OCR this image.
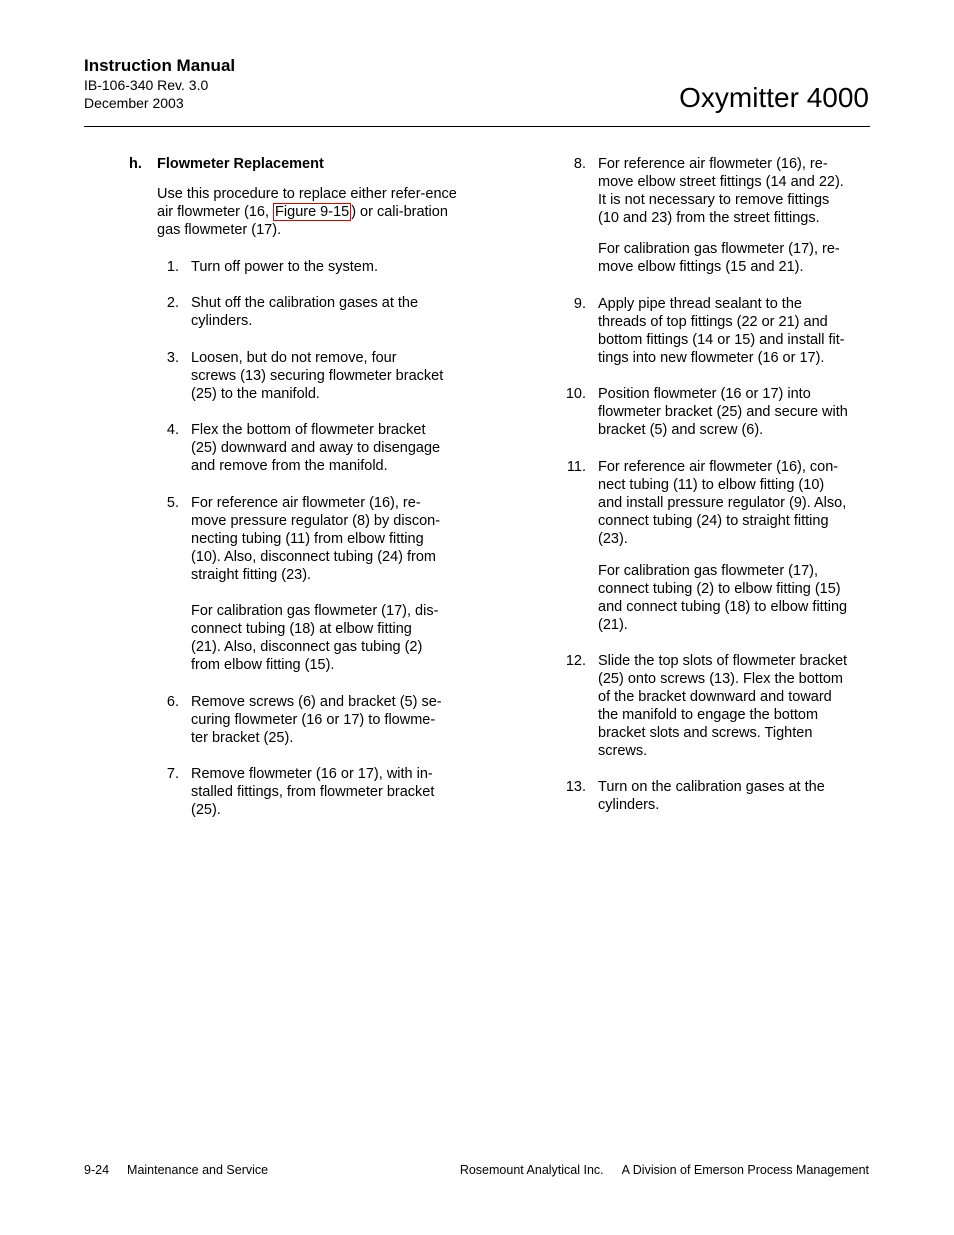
Instruction Manual
IB-106-340 Rev. 3.0
December 2003	Oxymitter 4000
h. Flowmeter Replacement
Use this procedure to replace either refer-ence air flowmeter (16, Figure 9-15 ) or cali-bration gas flowmeter (17).
1. Turn off power to the system.
2. Shut off the calibration gases at the
cylinders.
3. Loosen, but do not remove, four
screws (13) securing flowmeter bracket
(25) to the manifold.
4. Flex the bottom of flowmeter bracket
(25) downward and away to disengage
and remove from the manifold.
5. For reference air flowmeter (16), re-
move pressure regulator (8) by discon-
necting tubing (11) from elbow fitting
(10). Also, disconnect tubing (24) from
straight fitting (23).
For calibration gas flowmeter (17), dis-
connect tubing (18) at elbow fitting
(21). Also, disconnect gas tubing (2)
from elbow fitting (15).
6. Remove screws (6) and bracket (5) se-
curing flowmeter (16 or 17) to flowme-
ter bracket (25).
7. Remove flowmeter (16 or 17), with in-
stalled fittings, from flowmeter bracket
(25).
8. For reference air flowmeter (16), re-
move elbow street fittings (14 and 22).
It is not necessary to remove fittings
(10 and 23) from the street fittings.
For calibration gas flowmeter (17), re-
move elbow fittings (15 and 21).
9. Apply pipe thread sealant to the
threads of top fittings (22 or 21) and
bottom fittings (14 or 15) and install fit-
tings into new flowmeter (16 or 17).
10. Position flowmeter (16 or 17) into
flowmeter bracket (25) and secure with
bracket (5) and screw (6).
11. For reference air flowmeter (16), con-
nect tubing (11) to elbow fitting (10)
and install pressure regulator (9). Also,
connect tubing (24) to straight fitting
(23).
For calibration gas flowmeter (17),
connect tubing (2) to elbow fitting (15)
and connect tubing (18) to elbow fitting
(21).
12. Slide the top slots of flowmeter bracket
(25) onto screws (13). Flex the bottom
of the bracket downward and toward
the manifold to engage the bottom
bracket slots and screws. Tighten
screws.
13. Turn on the calibration gases at the
cylinders.
9-24 Maintenance and Service	Rosemount Analytical Inc. A Division of Emerson Process Management
